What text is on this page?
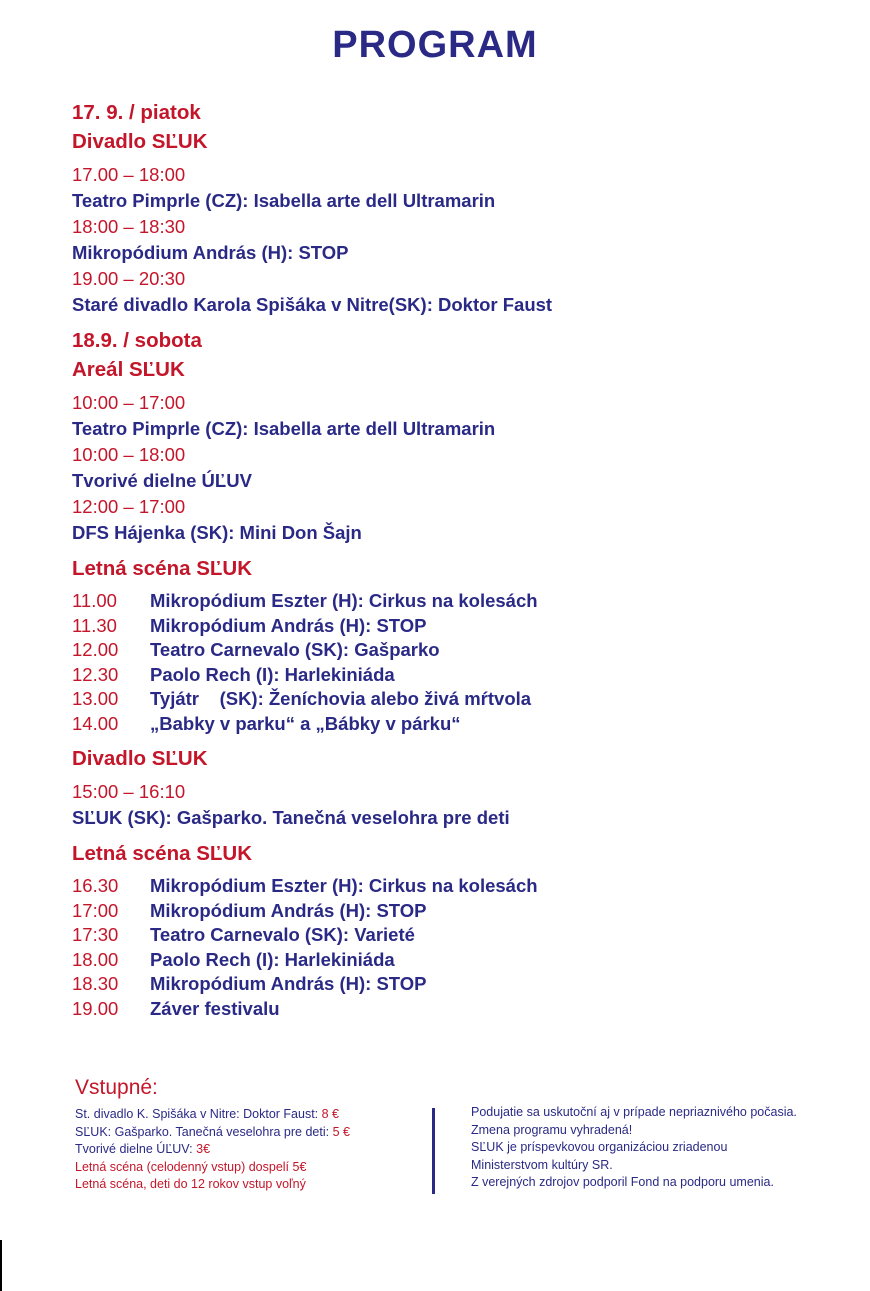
PROGRAM
17. 9. / piatok
Divadlo SĽUK
17.00 – 18:00
Teatro Pimprle (CZ): Isabella arte dell Ultramarin
18:00 – 18:30
Mikropódium András (H): STOP
19.00 – 20:30
Staré divadlo Karola Spišáka v Nitre(SK): Doktor Faust
18.9. / sobota
Areál SĽUK
10:00 – 17:00
Teatro Pimprle (CZ): Isabella arte dell Ultramarin
10:00 – 18:00
Tvorivé dielne ÚĽUV
12:00 – 17:00
DFS Hájenka (SK): Mini Don Šajn
Letná scéna SĽUK
11.00	Mikropódium Eszter (H): Cirkus na kolesách
11.30	Mikropódium András (H): STOP
12.00	Teatro Carnevalo (SK): Gašparko
12.30	Paolo Rech (I): Harlekiniáda
13.00	Tyjátr    (SK): Ženíchovia alebo živá mŕtvola
14.00	„Babky v parku“ a „Bábky v párku“
Divadlo SĽUK
15:00 – 16:10
SĽUK (SK): Gašparko. Tanečná veselohra pre deti
Letná scéna SĽUK
16.30	Mikropódium Eszter (H): Cirkus na kolesách
17:00	Mikropódium András (H): STOP
17:30	Teatro Carnevalo (SK): Varieté
18.00	Paolo Rech (I): Harlekiniáda
18.30	Mikropódium András (H): STOP
19.00	Záver festivalu
Vstupné:
St. divadlo K. Spišáka v Nitre: Doktor Faust: 8 €
SĽUK: Gašparko. Tanečná veselohra pre deti: 5 €
Tvorivé dielne ÚĽUV: 3€
Letná scéna (celodenný vstup) dospelí 5€
Letná scéna, deti do 12 rokov vstup voľný
Podujatie sa uskutoční aj v prípade nepriaznivého počasia.
Zmena programu vyhradená!
SĽUK je príspevkovou organizáciou zriadenou
Ministerstvom kultúry SR.
Z verejných zdrojov podporil Fond na podporu umenia.
